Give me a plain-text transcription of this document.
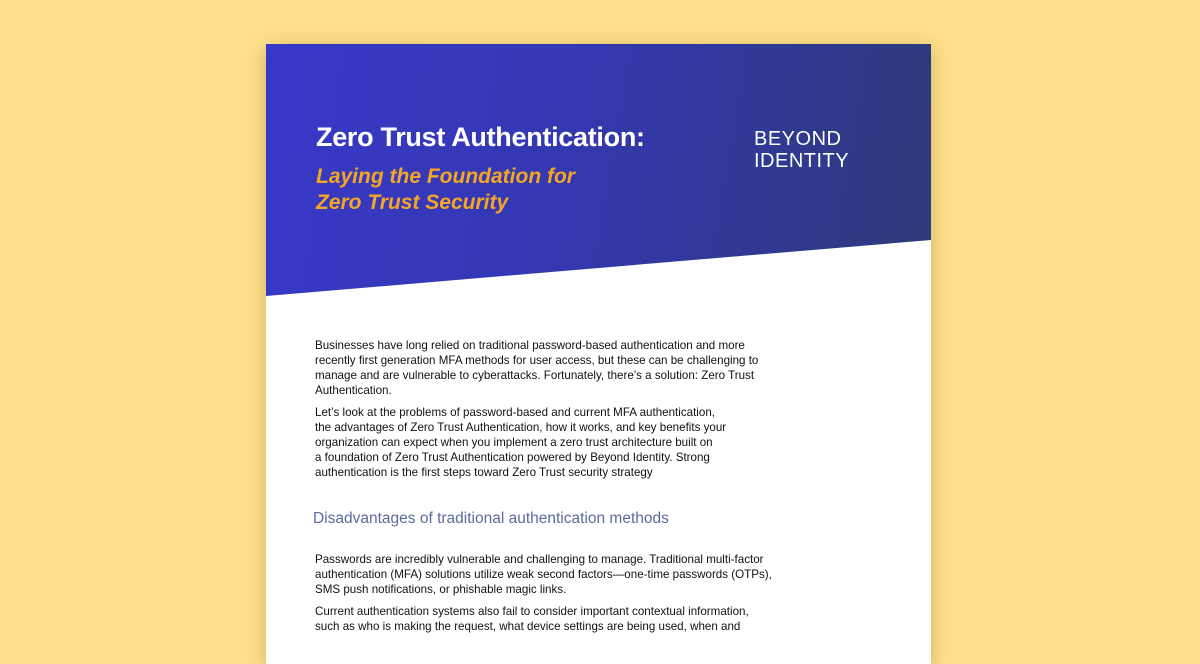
Zero Trust Authentication:
Laying the Foundation for
Zero Trust Security
BEYOND
IDENTITY
Businesses have long relied on traditional password-based authentication and more
recently first generation MFA methods for user access, but these can be challenging to
manage and are vulnerable to cyberattacks. Fortunately, there’s a solution: Zero Trust
Authentication.
Let’s look at the problems of password-based and current MFA authentication,
the advantages of Zero Trust Authentication, how it works, and key benefits your
organization can expect when you implement a zero trust architecture built on
a foundation of Zero Trust Authentication powered by Beyond Identity. Strong
authentication is the first steps toward Zero Trust security strategy
Disadvantages of traditional authentication methods
Passwords are incredibly vulnerable and challenging to manage. Traditional multi-factor
authentication (MFA) solutions utilize weak second factors—one-time passwords (OTPs),
SMS push notifications, or phishable magic links.
Current authentication systems also fail to consider important contextual information,
such as who is making the request, what device settings are being used, when and
